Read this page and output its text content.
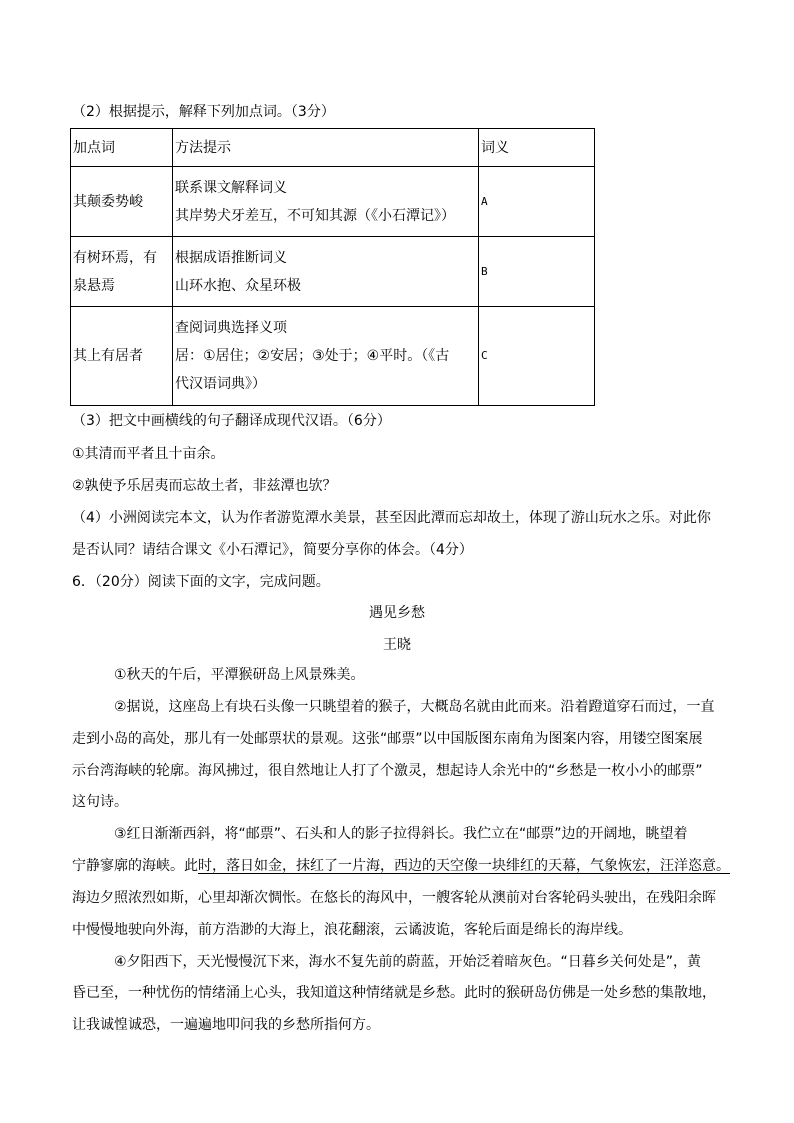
（2）根据提示，解释下列加点词。（3分）
加点词	方法提示	词义

其颠委势峻	联系课文解释词义
其岸势犬牙差互，不可知其源（《小石潭记》）	A

有树环焉，有
泉悬焉	根据成语推断词义
山环水抱、众星环极	B

其上有居者	查阅词典选择义项
居：①居住；②安居；③处于；④平时。（《古
代汉语词典》）	C
（3）把文中画横线的句子翻译成现代汉语。（6分）
①其清而平者且十亩余。
②孰使予乐居夷而忘故土者，非兹潭也欤？
（4）小洲阅读完本文，认为作者游览潭水美景，甚至因此潭而忘却故土，体现了游山玩水之乐。对此你
是否认同？请结合课文《小石潭记》，简要分享你的体会。（4分）
6．（20分）阅读下面的文字，完成问题。
遇见乡愁
王晓
①秋天的午后，平潭猴研岛上风景殊美。
②据说，这座岛上有块石头像一只眺望着的猴子，大概岛名就由此而来。沿着蹬道穿石而过，一直
走到小岛的高处，那儿有一处邮票状的景观。这张“邮票”以中国版图东南角为图案内容，用镂空图案展
示台湾海峡的轮廓。海风拂过，很自然地让人打了个激灵，想起诗人余光中的“乡愁是一枚小小的邮票”
这句诗。
③红日渐渐西斜，将“邮票”、石头和人的影子拉得斜长。我伫立在“邮票”边的开阔地，眺望着
宁静寥廓的海峡。此时，落日如金，抹红了一片海，西边的天空像一块绯红的天幕，气象恢宏，汪洋恣意。
海边夕照浓烈如斯，心里却渐次惆怅。在悠长的海风中，一艘客轮从澳前对台客轮码头驶出，在残阳余晖
中慢慢地驶向外海，前方浩渺的大海上，浪花翻滚，云谲波诡，客轮后面是绵长的海岸线。
④夕阳西下，天光慢慢沉下来，海水不复先前的蔚蓝，开始泛着暗灰色。“日暮乡关何处是”，黄
昏已至，一种忧伤的情绪涌上心头，我知道这种情绪就是乡愁。此时的猴研岛仿佛是一处乡愁的集散地，
让我诚惶诚恐，一遍遍地叩问我的乡愁所指何方。
